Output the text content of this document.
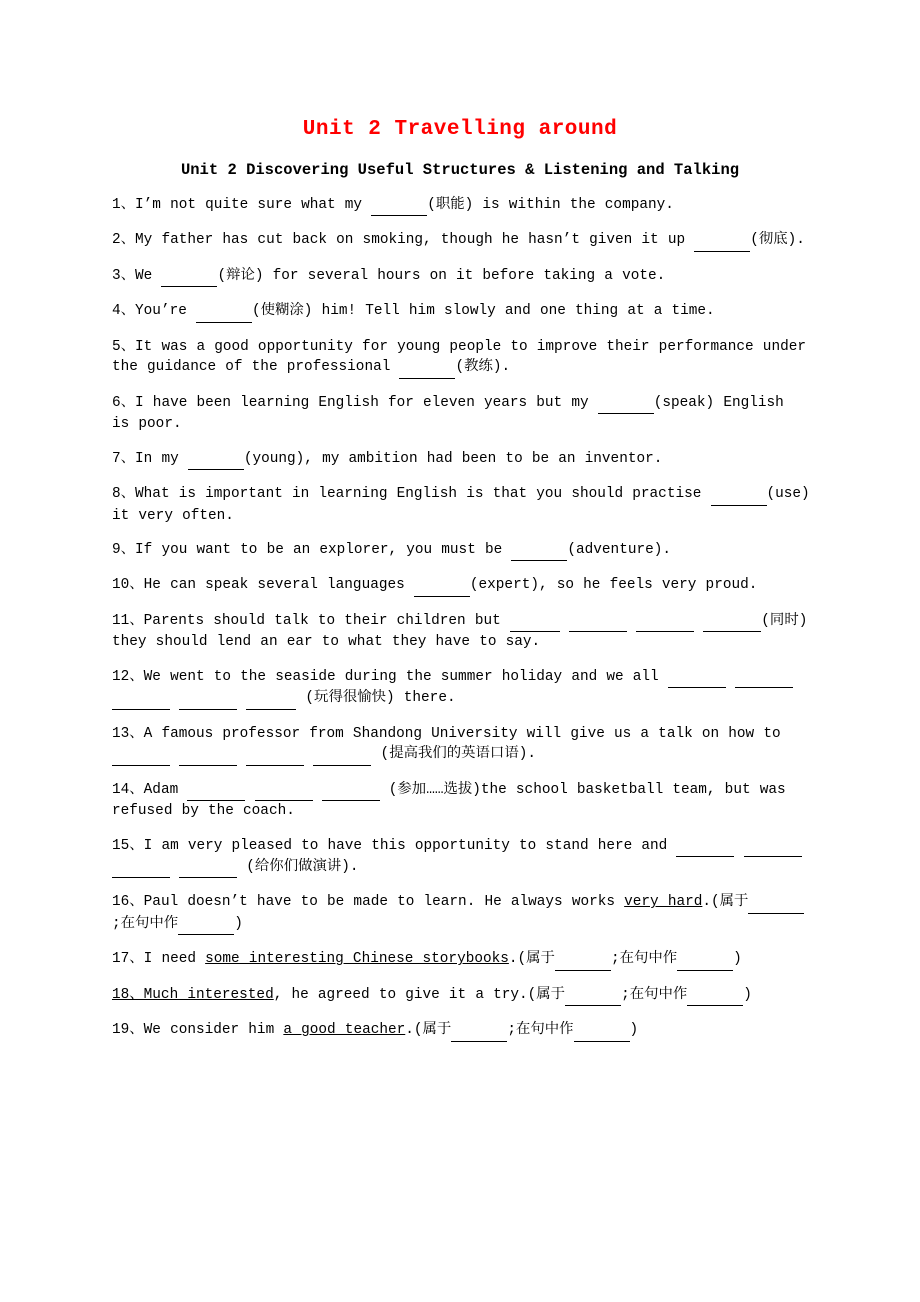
Unit 2 Travelling around
Unit 2 Discovering Useful Structures & Listening and Talking
1、I’m not quite sure what my	(职能) is within the company.
2、My father has cut back on smoking, though he hasn’t given it up	(彻底).
3、We	(辩论) for several hours on it before taking a vote.
4、You’re	(使糊涂) him! Tell him slowly and one thing at a time.
5、It was a good opportunity for young people to improve their performance under the guidance of the professional	(教练).
6、I have been learning English for eleven years but my	(speak) English is poor.
7、In my	(young), my ambition had been to be an inventor.
8、What is important in learning English is that you should practise	(use) it very often.
9、If you want to be an explorer, you must be	(adventure).
10、He can speak several languages	(expert), so he feels very proud.
11、Parents should talk to their children but	(同时) they should lend an ear to what they have to say.
12、We went to the seaside during the summer holiday and we all           (玩得很愉快) there.
13、A famous professor from Shandong University will give us a talk on how to         (提高我们的英语口语).
14、Adam	(参加……选拔)the school basketball team, but was refused by the coach.
15、I am very pleased to have this opportunity to stand here and         (给你们做演讲).
16、Paul doesn’t have to be made to learn. He always works very hard.(属于 ;在句中作	)
17、I need some interesting Chinese storybooks.(属于	;在句中作	)
18、Much interested, he agreed to give it a try.(属于	;在句中作	)
19、We consider him a good teacher.(属于	;在句中作	)
